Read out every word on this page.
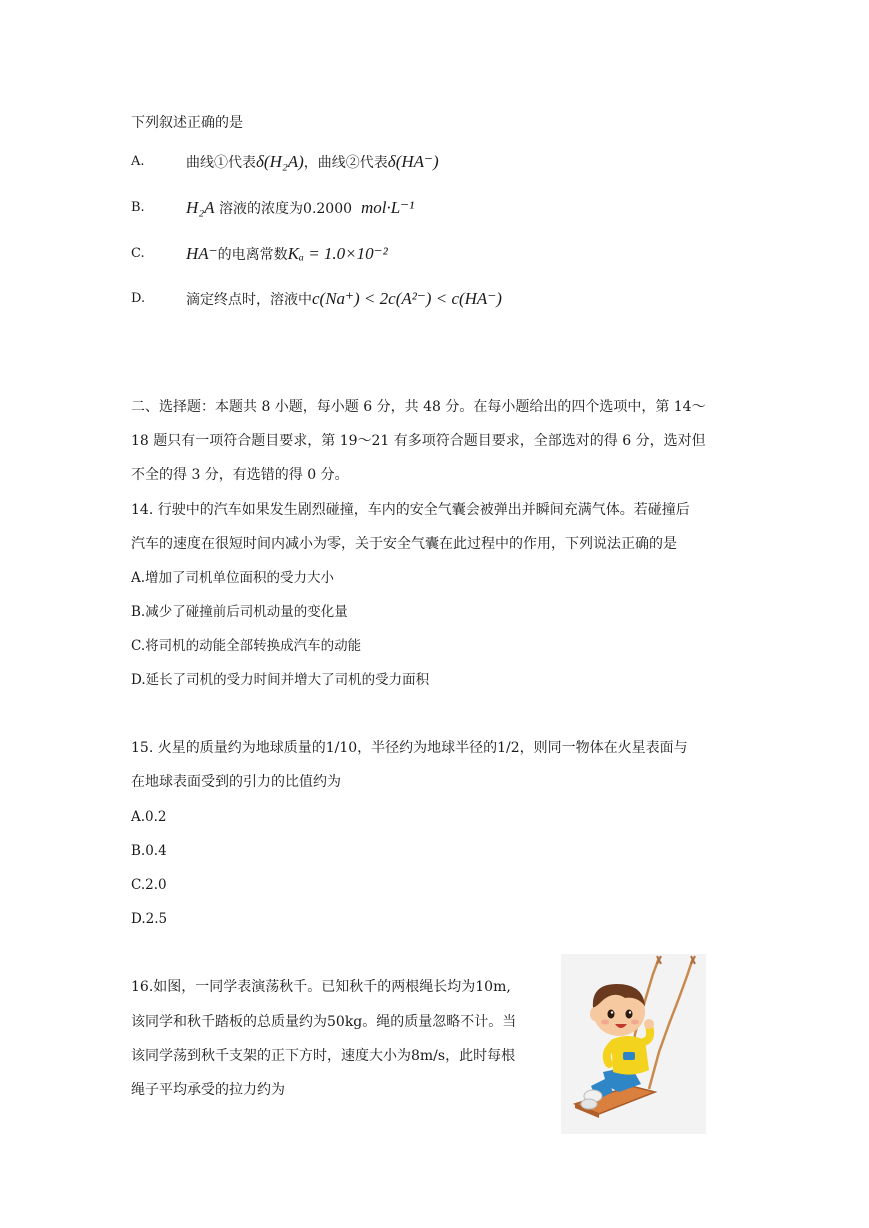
下列叙述正确的是
A.	曲线①代表δ(H₂A)，曲线②代表δ(HA⁻)
B. H₂A 溶液的浓度为0.2000 mol·L⁻¹
C. HA⁻的电离常数Kₐ = 1.0×10⁻²
D.	滴定终点时，溶液中c(Na⁺) < 2c(A²⁻) < c(HA⁻)
二、选择题：本题共 8 小题，每小题 6 分，共 48 分。在每小题给出的四个选项中，第 14～
18 题只有一项符合题目要求，第 19～21 有多项符合题目要求，全部选对的得 6 分，选对但
不全的得 3 分，有选错的得 0 分。
14. 行驶中的汽车如果发生剧烈碰撞，车内的安全气囊会被弹出并瞬间充满气体。若碰撞后
汽车的速度在很短时间内减小为零，关于安全气囊在此过程中的作用，下列说法正确的是
A.增加了司机单位面积的受力大小
B.减少了碰撞前后司机动量的变化量
C.将司机的动能全部转换成汽车的动能
D.延长了司机的受力时间并增大了司机的受力面积
15. 火星的质量约为地球质量的1/10，半径约为地球半径的1/2，则同一物体在火星表面与
在地球表面受到的引力的比值约为
A.0.2
B.0.4
C.2.0
D.2.5
16.如图，一同学表演荡秋千。已知秋千的两根绳长均为10m,
该同学和秋千踏板的总质量约为50kg。绳的质量忽略不计。当
该同学荡到秋千支架的正下方时，速度大小为8m/s，此时每根
绳子平均承受的拉力约为
